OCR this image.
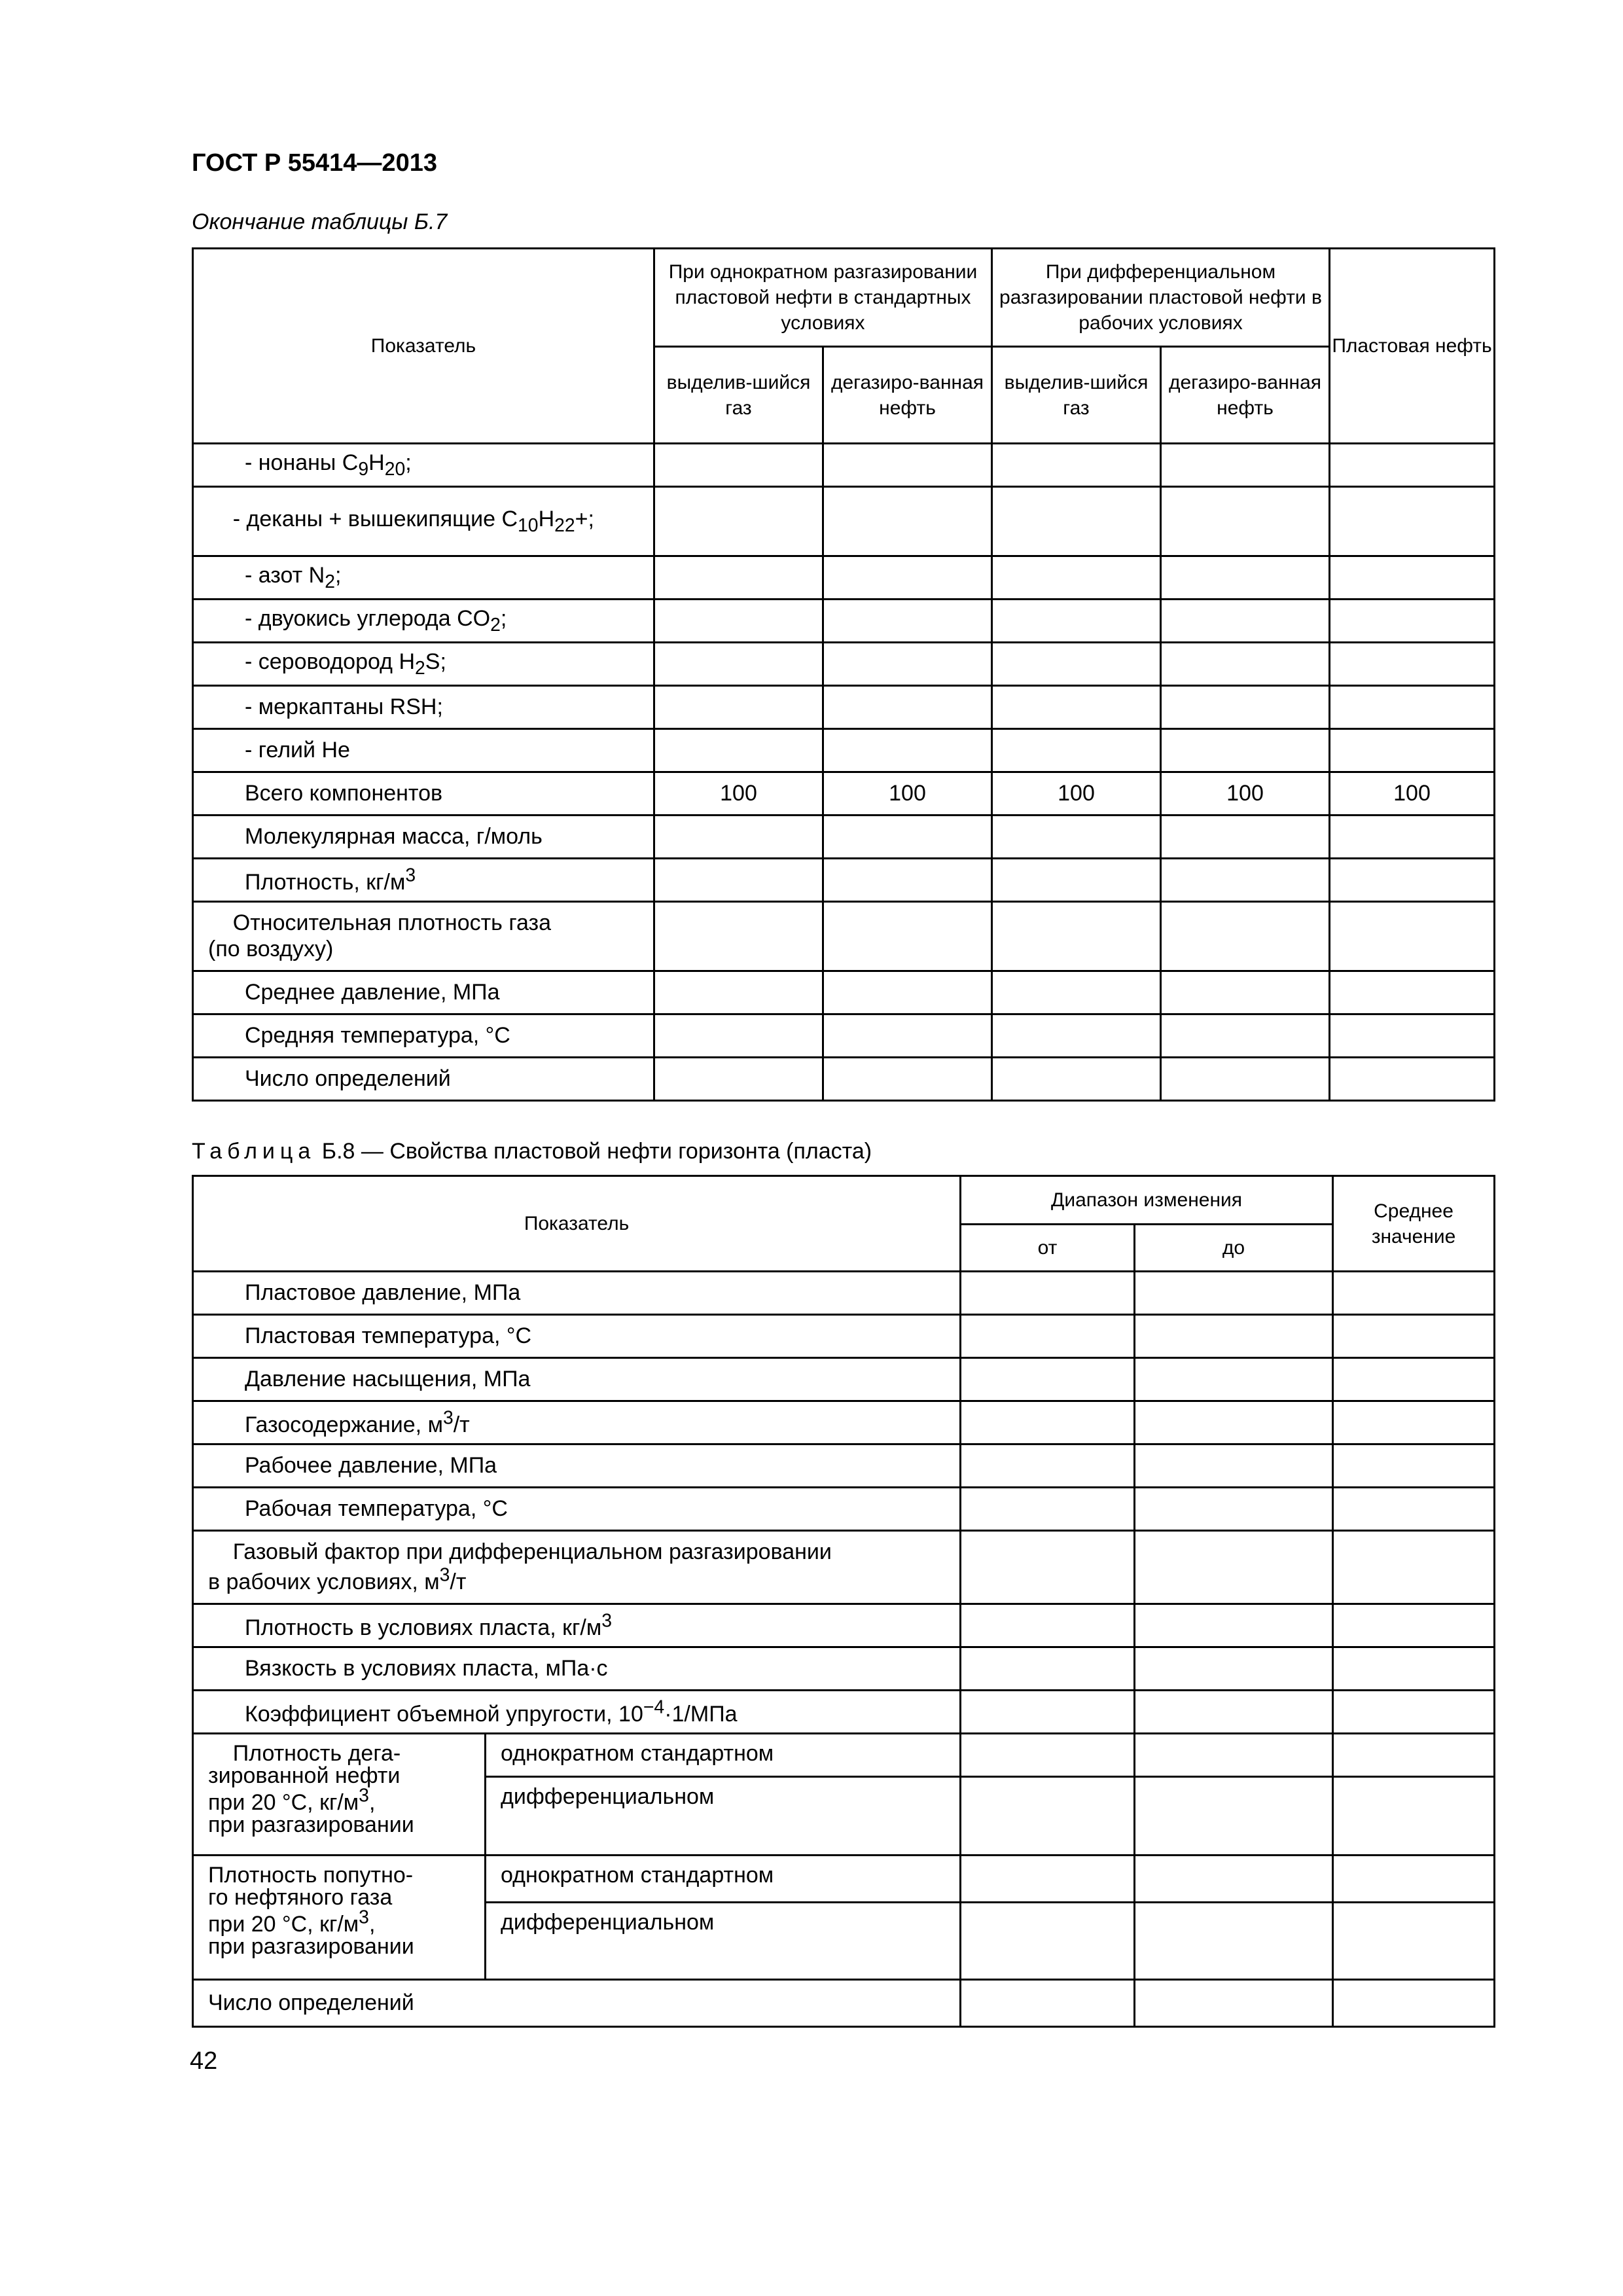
ГОСТ Р 55414—2013
Окончание таблицы Б.7
Показатель	При однократном разгазировании пластовой нефти в стандартных условиях		При дифференциальном разгазировании пластовой нефти в рабочих условиях		Пластовая нефть
	выделив-шийся газ	дегазиро-ванная нефть	выделив-шийся газ	дегазиро-ванная нефть	
- нонаны $C_9H_{20}$;					
- деканы + вышекипящие $C_{10}H_{22}+$;					
- азот $N_2$;					
- двуокись углерода $CO_2$;					
- сероводород $H_2S$;					
- меркаптаны RSH;					
- гелий He					
Всего компонентов	100	100	100	100	100
Молекулярная масса, г/моль					
Плотность, $кг/м^3$					
Относительная плотность газа
(по воздуху)					
Среднее давление, МПа					
Средняя температура, °С					
Число определений					
Таблица Б.8 — Свойства пластовой нефти горизонта (пласта)
Показатель		Диапазон изменения		Среднее значение
		от	до	
Пластовое давление, МПа				
Пластовая температура, °С				
Давление насыщения, МПа				
Газосодержание, $м^3/т$				
Рабочее давление, МПа				
Рабочая температура, °С				
Газовый фактор при дифференциальном разгазировании
в рабочих условиях, $м^3/т$				
Плотность в условиях пласта, $кг/м^3$			
Вязкость в условиях пласта, мПа·с				
Коэффициент объемной упругости, $10^{-4}\cdot 1$/МПа				
Плотность дега-
зированной нефти
при 20 °С, $кг/м^3$,
при разгазировании	однократном стандартном			
	дифференциальном			
Плотность попутно-
го нефтяного газа
при 20 °С, $кг/м^3$,
при разгазировании	однократном стандартном			
	дифференциальном			
Число определений				
42
